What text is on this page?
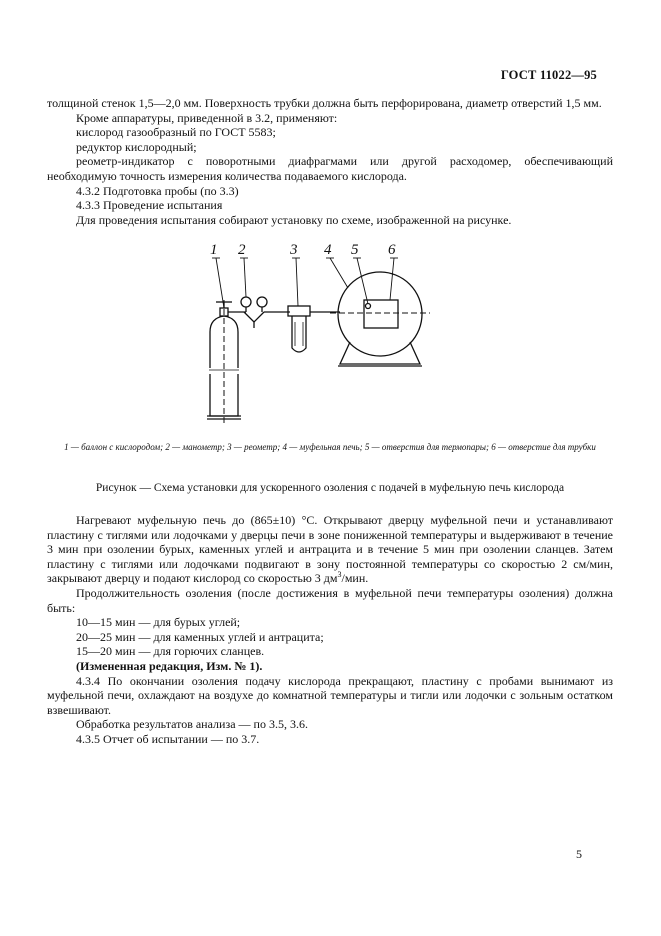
ГОСТ 11022—95

толщиной стенок 1,5—2,0 мм. Поверхность трубки должна быть перфорирована, диаметр отверстий 1,5 мм.

Кроме аппаратуры, приведенной в 3.2, применяют:

кислород газообразный по ГОСТ 5583;

редуктор кислородный;

реометр-индикатор с поворотными диафрагмами или другой расходомер, обеспечивающий необходимую точность измерения количества подаваемого кислорода.

4.3.2 Подготовка пробы (по 3.3)

4.3.3 Проведение испытания

Для проведения испытания собирают установку по схеме, изображенной на рисунке.

1 2	3 4 5 6
1 — баллон с кислородом; 2 — манометр; 3 — реометр; 4 — муфельная печь; 5 — отверстия для термопары; 6 — отверстие для трубки
Рисунок — Схема установки для ускоренного озоления с подачей в муфельную печь кислорода

Нагревают муфельную печь до (865±10) °С. Открывают дверцу муфельной печи и устанавливают пластину с тиглями или лодочками у дверцы печи в зоне пониженной температуры и выдерживают в течение 3 мин при озолении бурых, каменных углей и антрацита и в течение 5 мин при озолении сланцев. Затем пластину с тиглями или лодочками подвигают в зону постоянной температуры со скоростью 2 см/мин, закрывают дверцу и подают кислород со скоростью 3 $дм^3$/мин.

Продолжительность озоления (после достижения в муфельной печи температуры озоления) должна быть:

10—15 мин — для бурых углей;

20—25 мин — для каменных углей и антрацита;

15—20 мин — для горючих сланцев.

(Измененная редакция, Изм. № 1).

4.3.4 По окончании озоления подачу кислорода прекращают, пластину с пробами вынимают из муфельной печи, охлаждают на воздухе до комнатной температуры и тигли или лодочки с зольным остатком взвешивают.

Обработка результатов анализа — по 3.5, 3.6.

4.3.5 Отчет об испытании — по 3.7.

5
